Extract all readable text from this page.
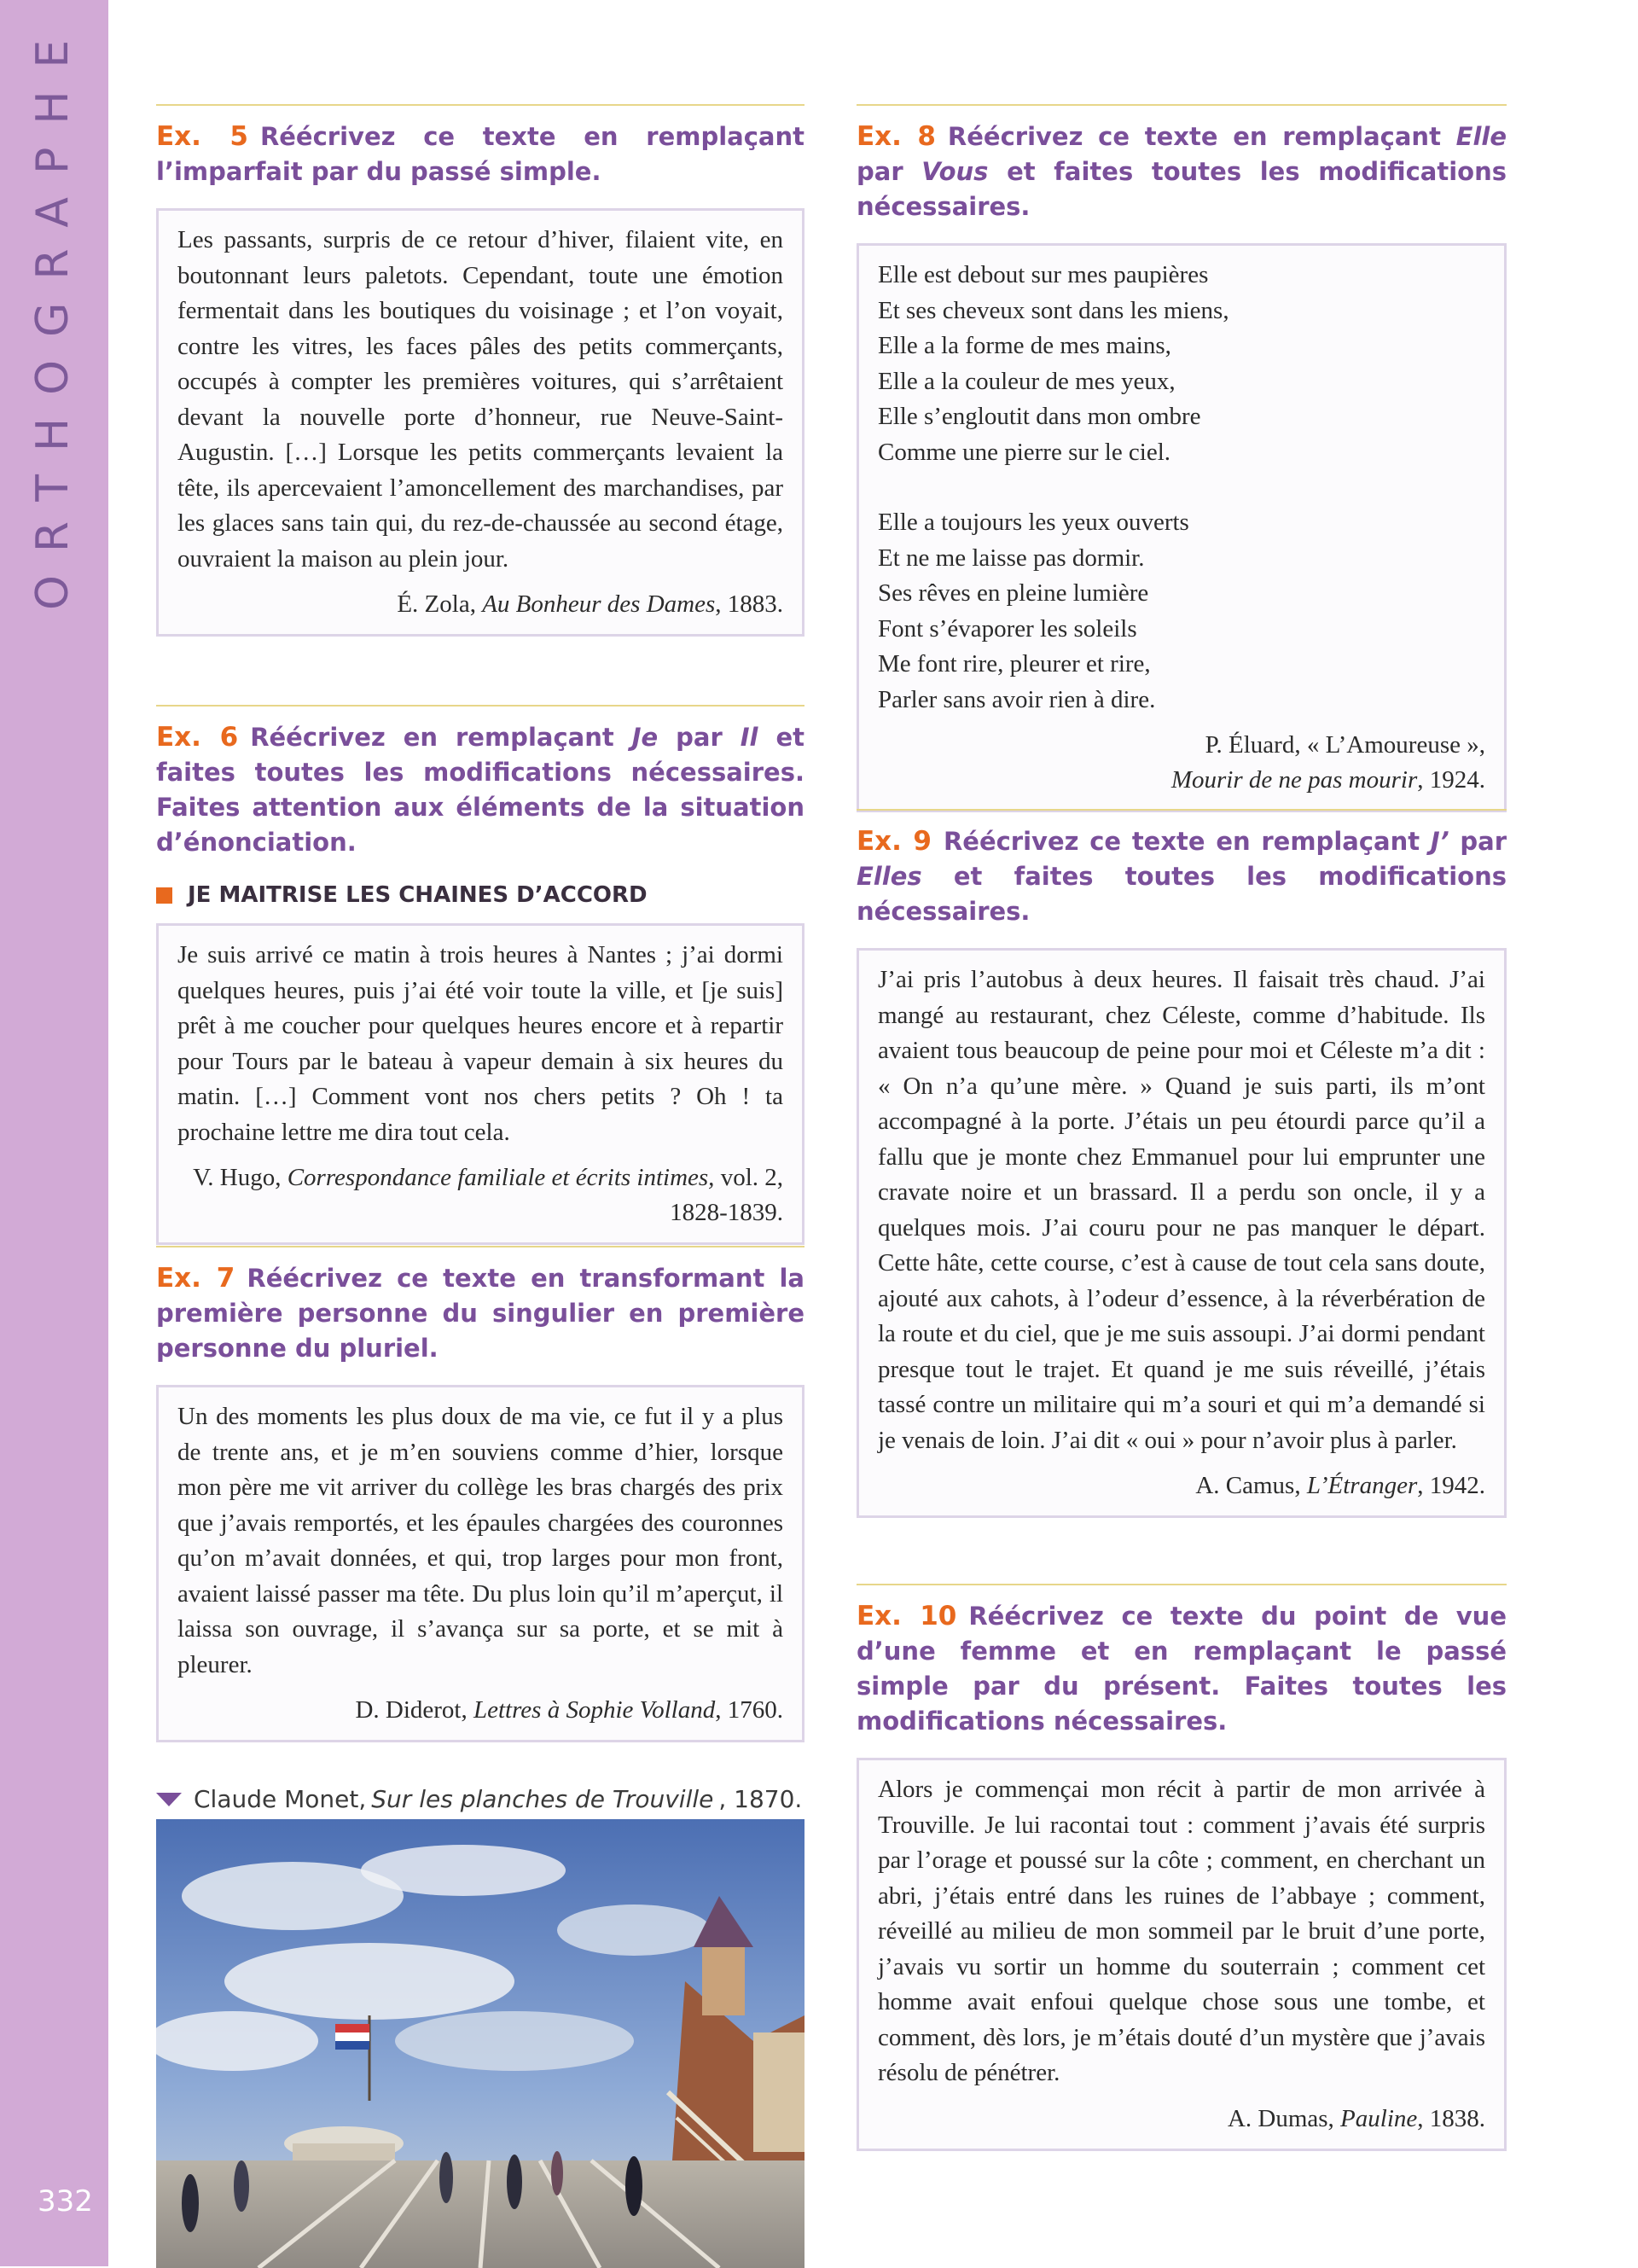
ORTHOGRAPHE
332
Ex. 5 Réécrivez ce texte en remplaçant l’imparfait par du passé simple.

Les passants, surpris de ce retour d’hiver, filaient vite, en boutonnant leurs paletots. Cependant, toute une émotion fermentait dans les boutiques du voisinage ; et l’on voyait, contre les vitres, les faces pâles des petits commerçants, occupés à compter les premières voitures, qui s’arrêtaient devant la nouvelle porte d’honneur, rue Neuve-Saint-Augustin. […] Lorsque les petits commerçants levaient la tête, ils apercevaient l’amoncellement des marchandises, par les glaces sans tain qui, du rez-de-chaussée au second étage, ouvraient la maison au plein jour.

É. Zola, Au Bonheur des Dames, 1883.
Ex. 6 Réécrivez en remplaçant Je par Il et faites toutes les modifications nécessaires. Faites attention aux éléments de la situation d’énonciation.
JE MAITRISE LES CHAINES D’ACCORD

Je suis arrivé ce matin à trois heures à Nantes ; j’ai dormi quelques heures, puis j’ai été voir toute la ville, et [je suis] prêt à me coucher pour quelques heures encore et à repartir pour Tours par le bateau à vapeur demain à six heures du matin. […] Comment vont nos chers petits ? Oh ! ta prochaine lettre me dira tout cela.

V. Hugo, Correspondance familiale et écrits intimes, vol. 2, 1828-1839.
Ex. 7 Réécrivez ce texte en transformant la première personne du singulier en première personne du pluriel.

Un des moments les plus doux de ma vie, ce fut il y a plus de trente ans, et je m’en souviens comme d’hier, lorsque mon père me vit arriver du collège les bras chargés des prix que j’avais remportés, et les épaules chargées des couronnes qu’on m’avait données, et qui, trop larges pour mon front, avaient laissé passer ma tête. Du plus loin qu’il m’aperçut, il laissa son ouvrage, il s’avança sur sa porte, et se mit à pleurer.

D. Diderot, Lettres à Sophie Volland, 1760.
Claude Monet, Sur les planches de Trouville , 1870.
Ex. 8 Réécrivez ce texte en remplaçant Elle par Vous et faites toutes les modifications nécessaires.

Elle est debout sur mes paupières

Et ses cheveux sont dans les miens,

Elle a la forme de mes mains,

Elle a la couleur de mes yeux,

Elle s’engloutit dans mon ombre

Comme une pierre sur le ciel.

Elle a toujours les yeux ouverts

Et ne me laisse pas dormir.

Ses rêves en pleine lumière

Font s’évaporer les soleils

Me font rire, pleurer et rire,

Parler sans avoir rien à dire.

P. Éluard, « L’Amoureuse »,
Mourir de ne pas mourir, 1924.
Ex. 9 Réécrivez ce texte en remplaçant J’ par Elles et faites toutes les modifications nécessaires.

J’ai pris l’autobus à deux heures. Il faisait très chaud. J’ai mangé au restaurant, chez Céleste, comme d’habitude. Ils avaient tous beaucoup de peine pour moi et Céleste m’a dit : « On n’a qu’une mère. » Quand je suis parti, ils m’ont accompagné à la porte. J’étais un peu étourdi parce qu’il a fallu que je monte chez Emmanuel pour lui emprunter une cravate noire et un brassard. Il a perdu son oncle, il y a quelques mois. J’ai couru pour ne pas manquer le départ. Cette hâte, cette course, c’est à cause de tout cela sans doute, ajouté aux cahots, à l’odeur d’essence, à la réverbération de la route et du ciel, que je me suis assoupi. J’ai dormi pendant presque tout le trajet. Et quand je me suis réveillé, j’étais tassé contre un militaire qui m’a souri et qui m’a demandé si je venais de loin. J’ai dit « oui » pour n’avoir plus à parler.

A. Camus, L’Étranger, 1942.
Ex. 10 Réécrivez ce texte du point de vue d’une femme et en remplaçant le passé simple par du présent. Faites toutes les modifications nécessaires.

Alors je commençai mon récit à partir de mon arrivée à Trouville. Je lui racontai tout : comment j’avais été surpris par l’orage et poussé sur la côte ; comment, en cherchant un abri, j’étais entré dans les ruines de l’abbaye ; comment, réveillé au milieu de mon sommeil par le bruit d’une porte, j’avais vu sortir un homme du souterrain ; comment cet homme avait enfoui quelque chose sous une tombe, et comment, dès lors, je m’étais douté d’un mystère que j’avais résolu de pénétrer.

A. Dumas, Pauline, 1838.
